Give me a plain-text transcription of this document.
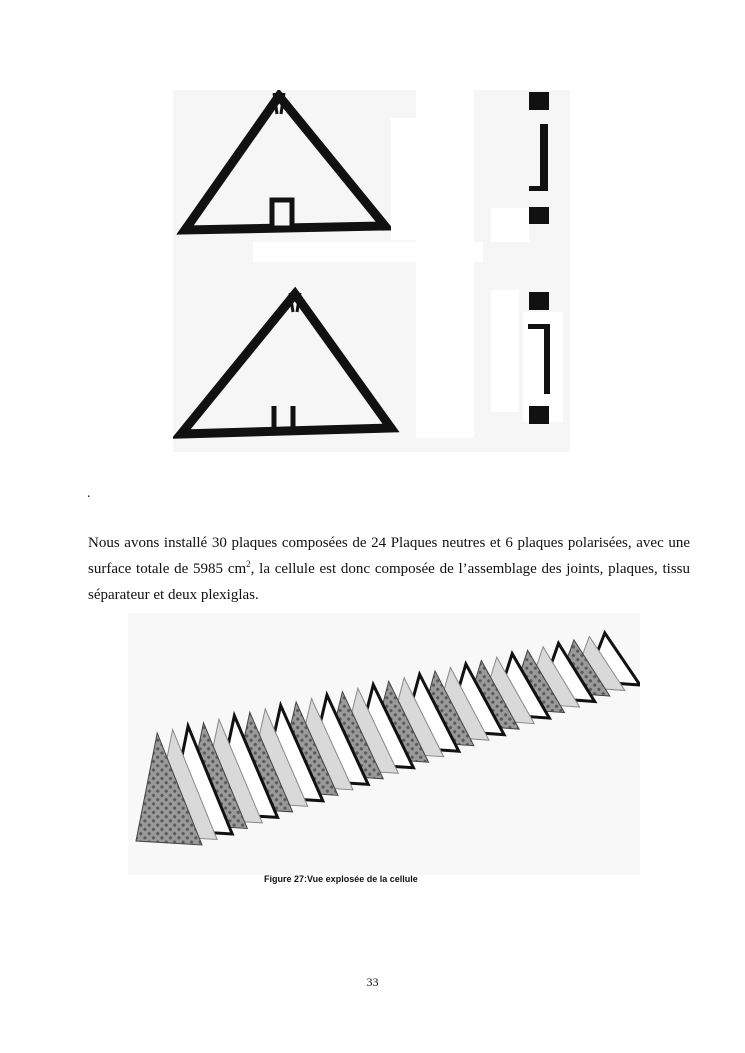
.

Nous avons installé 30 plaques composées de 24 Plaques neutres et 6 plaques polarisées, avec une surface totale de 5985 $cm^2$, la cellule est donc composée de l’assemblage des joints, plaques, tissu séparateur et deux plexiglas.

Figure 27:Vue explosée de la cellule
33
